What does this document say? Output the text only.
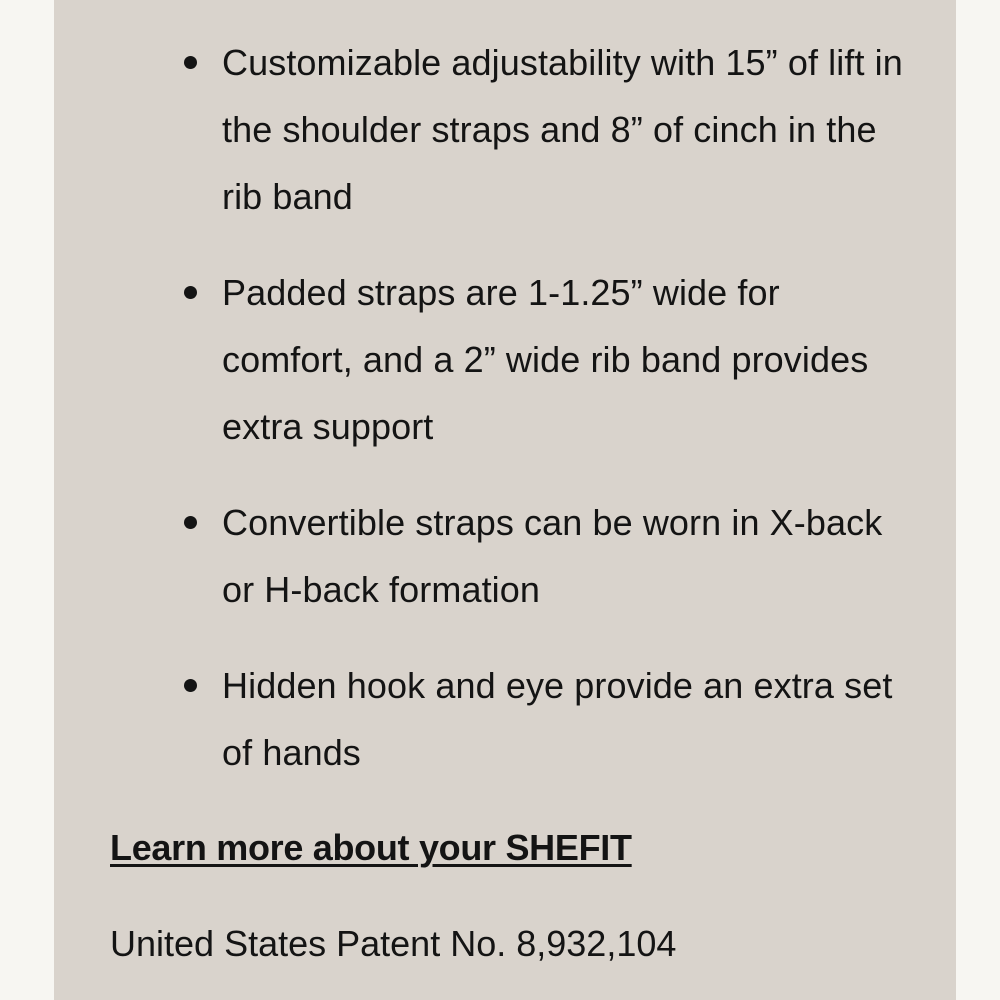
Customizable adjustability with 15” of lift in the shoulder straps and 8” of cinch in the rib band
Padded straps are 1-1.25” wide for comfort, and a 2” wide rib band provides extra support
Convertible straps can be worn in X-back or H-back formation
Hidden hook and eye provide an extra set of hands
Learn more about your SHEFIT
United States Patent No. 8,932,104
